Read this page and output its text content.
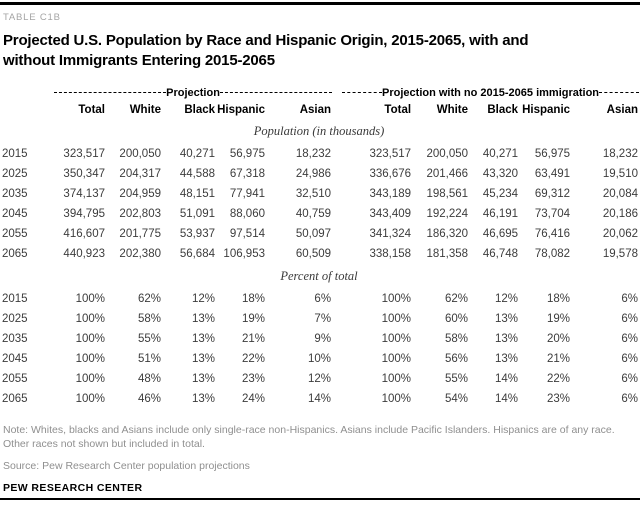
TABLE C1B
Projected U.S. Population by Race and Hispanic Origin, 2015-2065, with and
without Immigrants Entering 2015-2065

	Projection					Projection with no 2015-2065 immigration				

	Total	White	Black	Hispanic	Asian	Total	White	Black	Hispanic	Asian
Population (in thousands)										
2015	323,517	200,050	40,271	56,975	18,232	323,517	200,050	40,271	56,975	18,232
2025	350,347	204,317	44,588	67,318	24,986	336,676	201,466	43,320	63,491	19,510
2035	374,137	204,959	48,151	77,941	32,510	343,189	198,561	45,234	69,312	20,084
2045	394,795	202,803	51,091	88,060	40,759	343,409	192,224	46,191	73,704	20,186
2055	416,607	201,775	53,937	97,514	50,097	341,324	186,320	46,695	76,416	20,062
2065	440,923	202,380	56,684	106,953	60,509	338,158	181,358	46,748	78,082	19,578
Percent of total										
2015	100%	62%	12%	18%	6%	100%	62%	12%	18%	6%
2025	100%	58%	13%	19%	7%	100%	60%	13%	19%	6%
2035	100%	55%	13%	21%	9%	100%	58%	13%	20%	6%
2045	100%	51%	13%	22%	10%	100%	56%	13%	21%	6%
2055	100%	48%	13%	23%	12%	100%	55%	14%	22%	6%
2065	100%	46%	13%	24%	14%	100%	54%	14%	23%	6%
Note: Whites, blacks and Asians include only single-race non-Hispanics. Asians include Pacific Islanders. Hispanics are of any race. Other races not shown but included in total.
Source: Pew Research Center population projections
PEW RESEARCH CENTER
